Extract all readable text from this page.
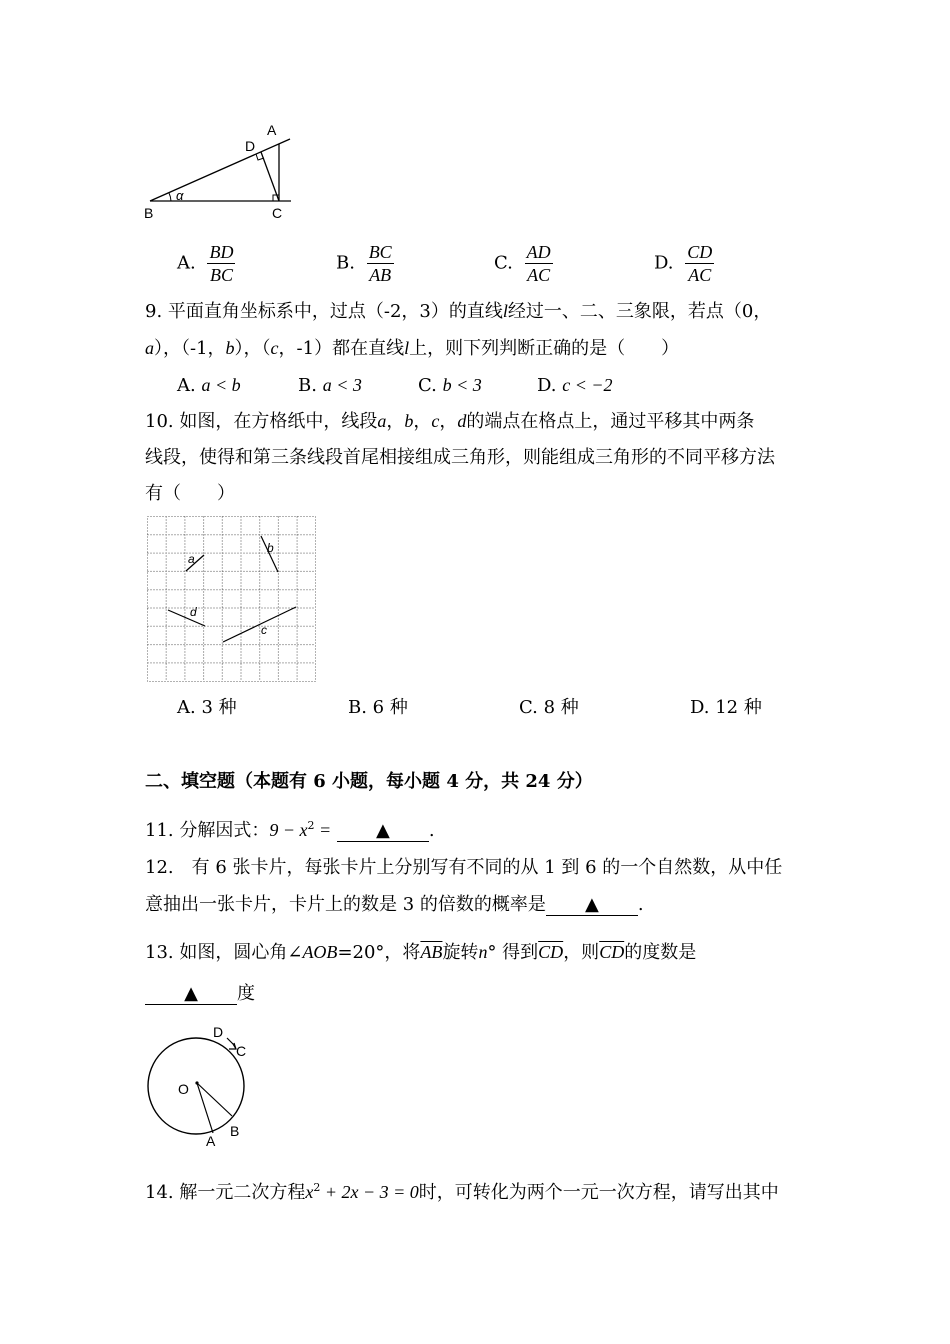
A
D
B	C
α
A. $\frac{BD}{BC}$	B. $\frac{BC}{AB}$	C. $\frac{AD}{AC}$	D. $\frac{CD}{AC}$
9. 平面直角坐标系中，过点（-2，3）的直线l经过一、二、三象限，若点（0，
a），（-1，b），（c，-1）都在直线l上，则下列判断正确的是（　　）
A. a < b	B. a < 3	C. b < 3	D. c < −2
10. 如图，在方格纸中，线段a，b，c，d的端点在格点上，通过平移其中两条
线段，使得和第三条线段首尾相接组成三角形，则能组成三角形的不同平移方法
有（　　）
a
b
c
d
A. 3 种	B. 6 种	C. 8 种	D. 12 种
二、填空题（本题有 6 小题，每小题 4 分，共 24 分）
11. 分解因式：$9 - x^2$ = ▲ .
12.　有 6 张卡片，每张卡片上分别写有不同的从 1 到 6 的一个自然数，从中任
意抽出一张卡片，卡片上的数是 3 的倍数的概率是 ▲ .
13. 如图，圆心角∠AOB=20°，将$\overline{AB}$旋转n° 得到$\overline{CD}$，则$\overline{CD}$的度数是
▲ 度
O
A
B
C
D
14. 解一元二次方程$x^2 + 2x - 3 = 0$时，可转化为两个一元一次方程，请写出其中
